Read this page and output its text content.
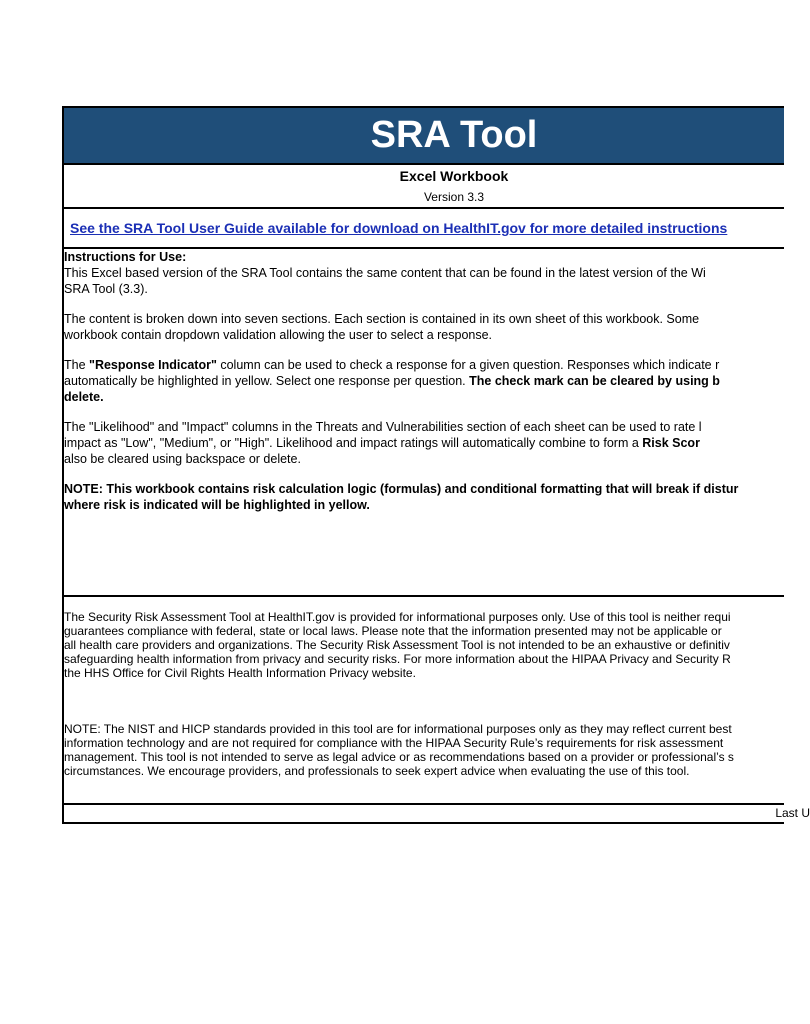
SRA Tool
Excel Workbook
Version 3.3
See the SRA Tool User Guide available for download on HealthIT.gov for more detailed instructions

Instructions for Use:

This Excel based version of the SRA Tool contains the same content that can be found in the latest version of the Wi

SRA Tool (3.3).

The content is broken down into seven sections. Each section is contained in its own sheet of this workbook. Some

workbook contain dropdown validation allowing the user to select a response.

The "Response Indicator" column can be used to check a response for a given question. Responses which indicate r

automatically be highlighted in yellow. Select one response per question. The check mark can be cleared by using b

delete.

The "Likelihood" and "Impact" columns in the Threats and Vulnerabilities section of each sheet can be used to rate l

impact as "Low", "Medium", or "High". Likelihood and impact ratings will automatically combine to form a Risk Scor

also be cleared using backspace or delete.

NOTE: This workbook contains risk calculation logic (formulas) and conditional formatting that will break if distur

where risk is indicated will be highlighted in yellow.

The Security Risk Assessment Tool at HealthIT.gov is provided for informational purposes only. Use of this tool is neither requi

guarantees compliance with federal, state or local laws. Please note that the information presented may not be applicable or

all health care providers and organizations. The Security Risk Assessment Tool is not intended to be an exhaustive or definitiv

safeguarding health information from privacy and security risks. For more information about the HIPAA Privacy and Security R

the HHS Office for Civil Rights Health Information Privacy website.

NOTE: The NIST and HICP standards provided in this tool are for informational purposes only as they may reflect current best

information technology and are not required for compliance with the HIPAA Security Rule’s requirements for risk assessment

management. This tool is not intended to serve as legal advice or as recommendations based on a provider or professional’s s

circumstances. We encourage providers, and professionals to seek expert advice when evaluating the use of this tool.

Last U
